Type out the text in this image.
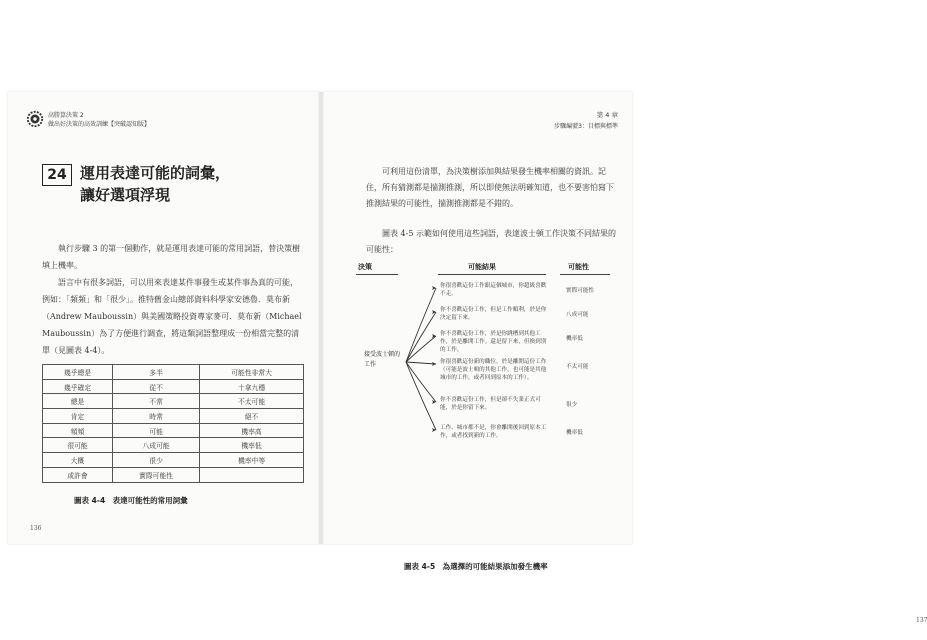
高勝算決策 2
做出好決策的高效訓練【突破認知版】
24 運用表達可能的詞彙，
讓好選項浮現
執行步驟 3 的第一個動作，就是運用表達可能的常用詞語，替決策樹填上機率。
語言中有很多詞語，可以用來表達某件事發生或某件事為真的可能，例如：「頻頻」和「很少」。推特舊金山總部資料科學家安德魯．莫布新（Andrew Mauboussin）與美國策略投資專家麥可．莫布新（Michael Mauboussin）為了方便進行調查，將這類詞語整理成一份相當完整的清單（見圖表 4-4）。
幾乎總是	多半	可能性非常大
幾乎確定	從不	十拿九穩
總是	不常	不太可能
肯定	時常	絕不
頻頻	可能	機率高
很可能	八成可能	機率低
大概	很少	機率中等
或許會	實際可能性	
圖表 4-4　表達可能性的常用詞彙
136
第 4 章
步驟編號3：目標與標準
可利用這份清單，為決策樹添加與結果發生機率相關的資訊。記住，所有猜測都是揣測推測，所以即使無法明確知道，也不要害怕寫下推測結果的可能性，揣測推測都是不錯的。
圖表 4-5 示範如何使用這些詞語，表達波士頓工作決策不同結果的可能性：
137
決策	可能結果	可能性
接受波士頓的工作
你很喜歡這份工作跟這個城市，你超級喜歡不走。
實際可能性
你不喜歡這份工作，但是工作順利，於是你決定留下來。
八成可能
你不喜歡這份工作，於是你跳槽到其他工作，於是離開工作。還是留下來，但換到別的工作。
機率低
你很喜歡這份新的職位，於是離開這份工作（可能是波士頓的其他工作，也可能是其他城市的工作，或者回到原本的工作）。
不太可能
你不喜歡這份工作，但是卻不失業正式可能，於是你留下來。
很少
工作、城市都不是，你會離開後回到原本工作，或者找到新的工作。
機率低
圖表 4-5　為選擇的可能結果添加發生機率
